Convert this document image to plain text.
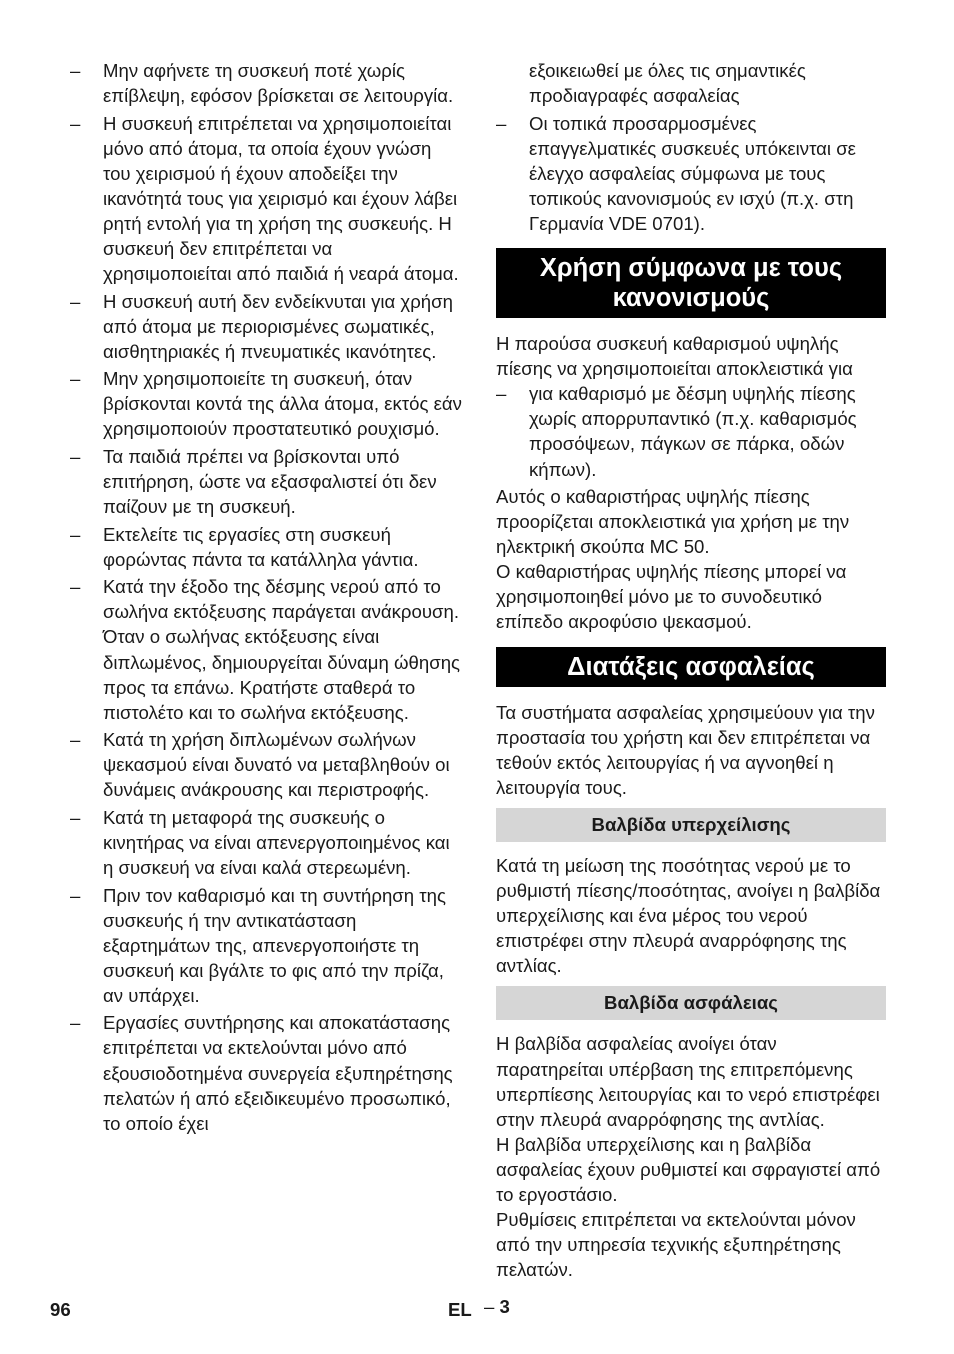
– Μην αφήνετε τη συσκευή ποτέ χωρίς επίβλεψη, εφόσον βρίσκεται σε λειτουργία.
– Η συσκευή επιτρέπεται να χρησιμοποιείται μόνο από άτομα, τα οποία έχουν γνώση του χειρισμού ή έχουν αποδείξει την ικανότητά τους για χειρισμό και έχουν λάβει ρητή εντολή για τη χρήση της συσκευής. Η συσκευή δεν επιτρέπεται να χρησιμοποιείται από παιδιά ή νεαρά άτομα.
– Η συσκευή αυτή δεν ενδείκνυται για χρήση από άτομα με περιορισμένες σωματικές, αισθητηριακές ή πνευματικές ικανότητες.
– Μην χρησιμοποιείτε τη συσκευή, όταν βρίσκονται κοντά της άλλα άτομα, εκτός εάν χρησιμοποιούν προστατευτικό ρουχισμό.
– Τα παιδιά πρέπει να βρίσκονται υπό επιτήρηση, ώστε να εξασφαλιστεί ότι δεν παίζουν με τη συσκευή.
– Εκτελείτε τις εργασίες στη συσκευή φορώντας πάντα τα κατάλληλα γάντια.
– Κατά την έξοδο της δέσμης νερού από το σωλήνα εκτόξευσης παράγεται ανάκρουση. Όταν ο σωλήνας εκτόξευσης είναι διπλωμένος, δημιουργείται δύναμη ώθησης προς τα επάνω. Κρατήστε σταθερά το πιστολέτο και το σωλήνα εκτόξευσης.
– Κατά τη χρήση διπλωμένων σωλήνων ψεκασμού είναι δυνατό να μεταβληθούν οι δυνάμεις ανάκρουσης και περιστροφής.
– Κατά τη μεταφορά της συσκευής ο κινητήρας να είναι απενεργοποιημένος και η συσκευή να είναι καλά στερεωμένη.
– Πριν τον καθαρισμό και τη συντήρηση της συσκευής ή την αντικατάσταση εξαρτημάτων της, απενεργοποιήστε τη συσκευή και βγάλτε το φις από την πρίζα, αν υπάρχει.
– Εργασίες συντήρησης και αποκατάστασης επιτρέπεται να εκτελούνται μόνο από εξουσιοδοτημένα συνεργεία εξυπηρέτησης πελατών ή από εξειδικευμένο προσωπικό, το οποίο έχει
εξοικειωθεί με όλες τις σημαντικές προδιαγραφές ασφαλείας
– Οι τοπικά προσαρμοσμένες επαγγελματικές συσκευές υπόκεινται σε έλεγχο ασφαλείας σύμφωνα με τους τοπικούς κανονισμούς εν ισχύ (π.χ. στη Γερμανία VDE 0701).
Χρήση σύμφωνα με τους κανονισμούς
Η παρούσα συσκευή καθαρισμού υψηλής πίεσης να χρησιμοποιείται αποκλειστικά για
– για καθαρισμό με δέσμη υψηλής πίεσης χωρίς απορρυπαντικό (π.χ. καθαρισμός προσόψεων, πάγκων σε πάρκα, οδών κήπων).
Αυτός ο καθαριστήρας υψηλής πίεσης προορίζεται αποκλειστικά για χρήση με την ηλεκτρική σκούπα MC 50.
Ο καθαριστήρας υψηλής πίεσης μπορεί να χρησιμοποιηθεί μόνο με το συνοδευτικό επίπεδο ακροφύσιο ψεκασμού.
Διατάξεις ασφαλείας
Τα συστήματα ασφαλείας χρησιμεύουν για την προστασία του χρήστη και δεν επιτρέπεται να τεθούν εκτός λειτουργίας ή να αγνοηθεί η λειτουργία τους.
Βαλβίδα υπερχείλισης
Κατά τη μείωση της ποσότητας νερού με το ρυθμιστή πίεσης/ποσότητας, ανοίγει η βαλβίδα υπερχείλισης και ένα μέρος του νερού επιστρέφει στην πλευρά αναρρόφησης της αντλίας.
Βαλβίδα ασφάλειας
Η βαλβίδα ασφαλείας ανοίγει όταν παρατηρείται υπέρβαση της επιτρεπόμενης υπερπίεσης λειτουργίας και το νερό επιστρέφει στην πλευρά αναρρόφησης της αντλίας.
Η βαλβίδα υπερχείλισης και η βαλβίδα ασφαλείας έχουν ρυθμιστεί και σφραγιστεί από το εργοστάσιο.
Ρυθμίσεις επιτρέπεται να εκτελούνται μόνον από την υπηρεσία τεχνικής εξυπηρέτησης πελατών.
96	EL – 3
